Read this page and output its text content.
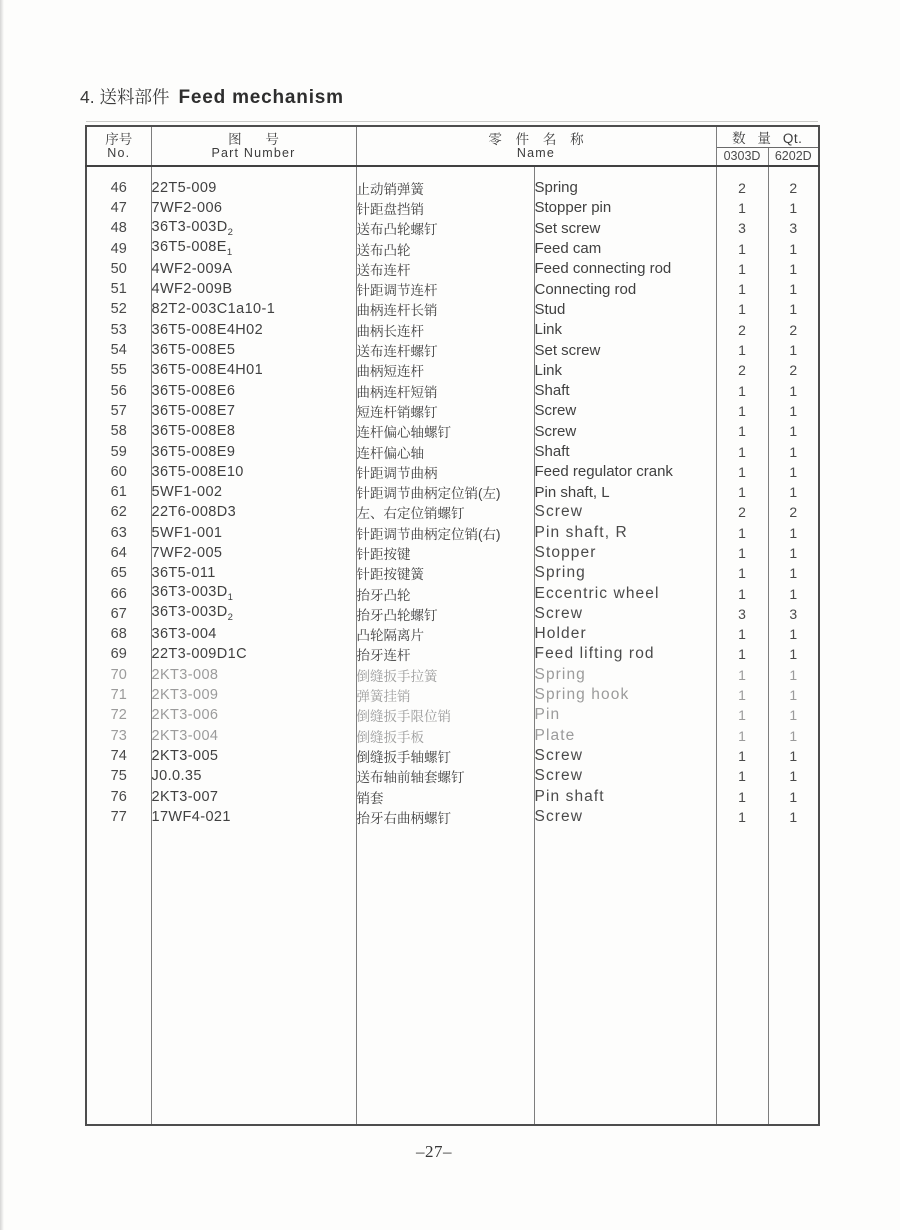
4. 送料部件 Feed mechanism
序号
No.

图 号
Part Number

零 件 名 称
Name
	数 量 Qt.
				0303D	6202D

46	22T5-009	止动销弹簧	Spring	2	2
47	7WF2-006	针距盘挡销	Stopper pin	1	1
48	$36T3-003D_2$	送布凸轮螺钉	Set screw	3	3
49	$36T5-008E_1$	送布凸轮	Feed cam	1	1
50	4WF2-009A	送布连杆	Feed connecting rod	1	1
51	4WF2-009B	针距调节连杆	Connecting rod	1	1
52	82T2-003C1a10-1	曲柄连杆长销	Stud	1	1
53	36T5-008E4H02	曲柄长连杆	Link	2	2
54	36T5-008E5	送布连杆螺钉	Set screw	1	1
55	36T5-008E4H01	曲柄短连杆	Link	2	2
56	36T5-008E6	曲柄连杆短销	Shaft	1	1
57	36T5-008E7	短连杆销螺钉	Screw	1	1
58	36T5-008E8	连杆偏心轴螺钉	Screw	1	1
59	36T5-008E9	连杆偏心轴	Shaft	1	1
60	36T5-008E10	针距调节曲柄	Feed regulator crank	1	1
61	5WF1-002	针距调节曲柄定位销(左)	Pin shaft, L	1	1
62	22T6-008D3	左、右定位销螺钉	Screw	2	2
63	5WF1-001	针距调节曲柄定位销(右)	Pin shaft, R	1	1
64	7WF2-005	针距按键	Stopper	1	1
65	36T5-011	针距按键簧	Spring	1	1
66	$36T3-003D_1$	抬牙凸轮	Eccentric wheel	1	1
67	$36T3-003D_2$	抬牙凸轮螺钉	Screw	3	3
68	36T3-004	凸轮隔离片	Holder	1	1
69	22T3-009D1C	抬牙连杆	Feed lifting rod	1	1
70	2KT3-008	倒缝扳手拉簧	Spring	1	1
71	2KT3-009	弹簧挂销	Spring hook	1	1
72	2KT3-006	倒缝扳手限位销	Pin	1	1
73	2KT3-004	倒缝扳手板	Plate	1	1
74	2KT3-005	倒缝扳手轴螺钉	Screw	1	1
75	J0.0.35	送布轴前轴套螺钉	Screw	1	1
76	2KT3-007	销套	Pin shaft	1	1
77	17WF4-021	抬牙右曲柄螺钉	Screw	1	1

–27–
